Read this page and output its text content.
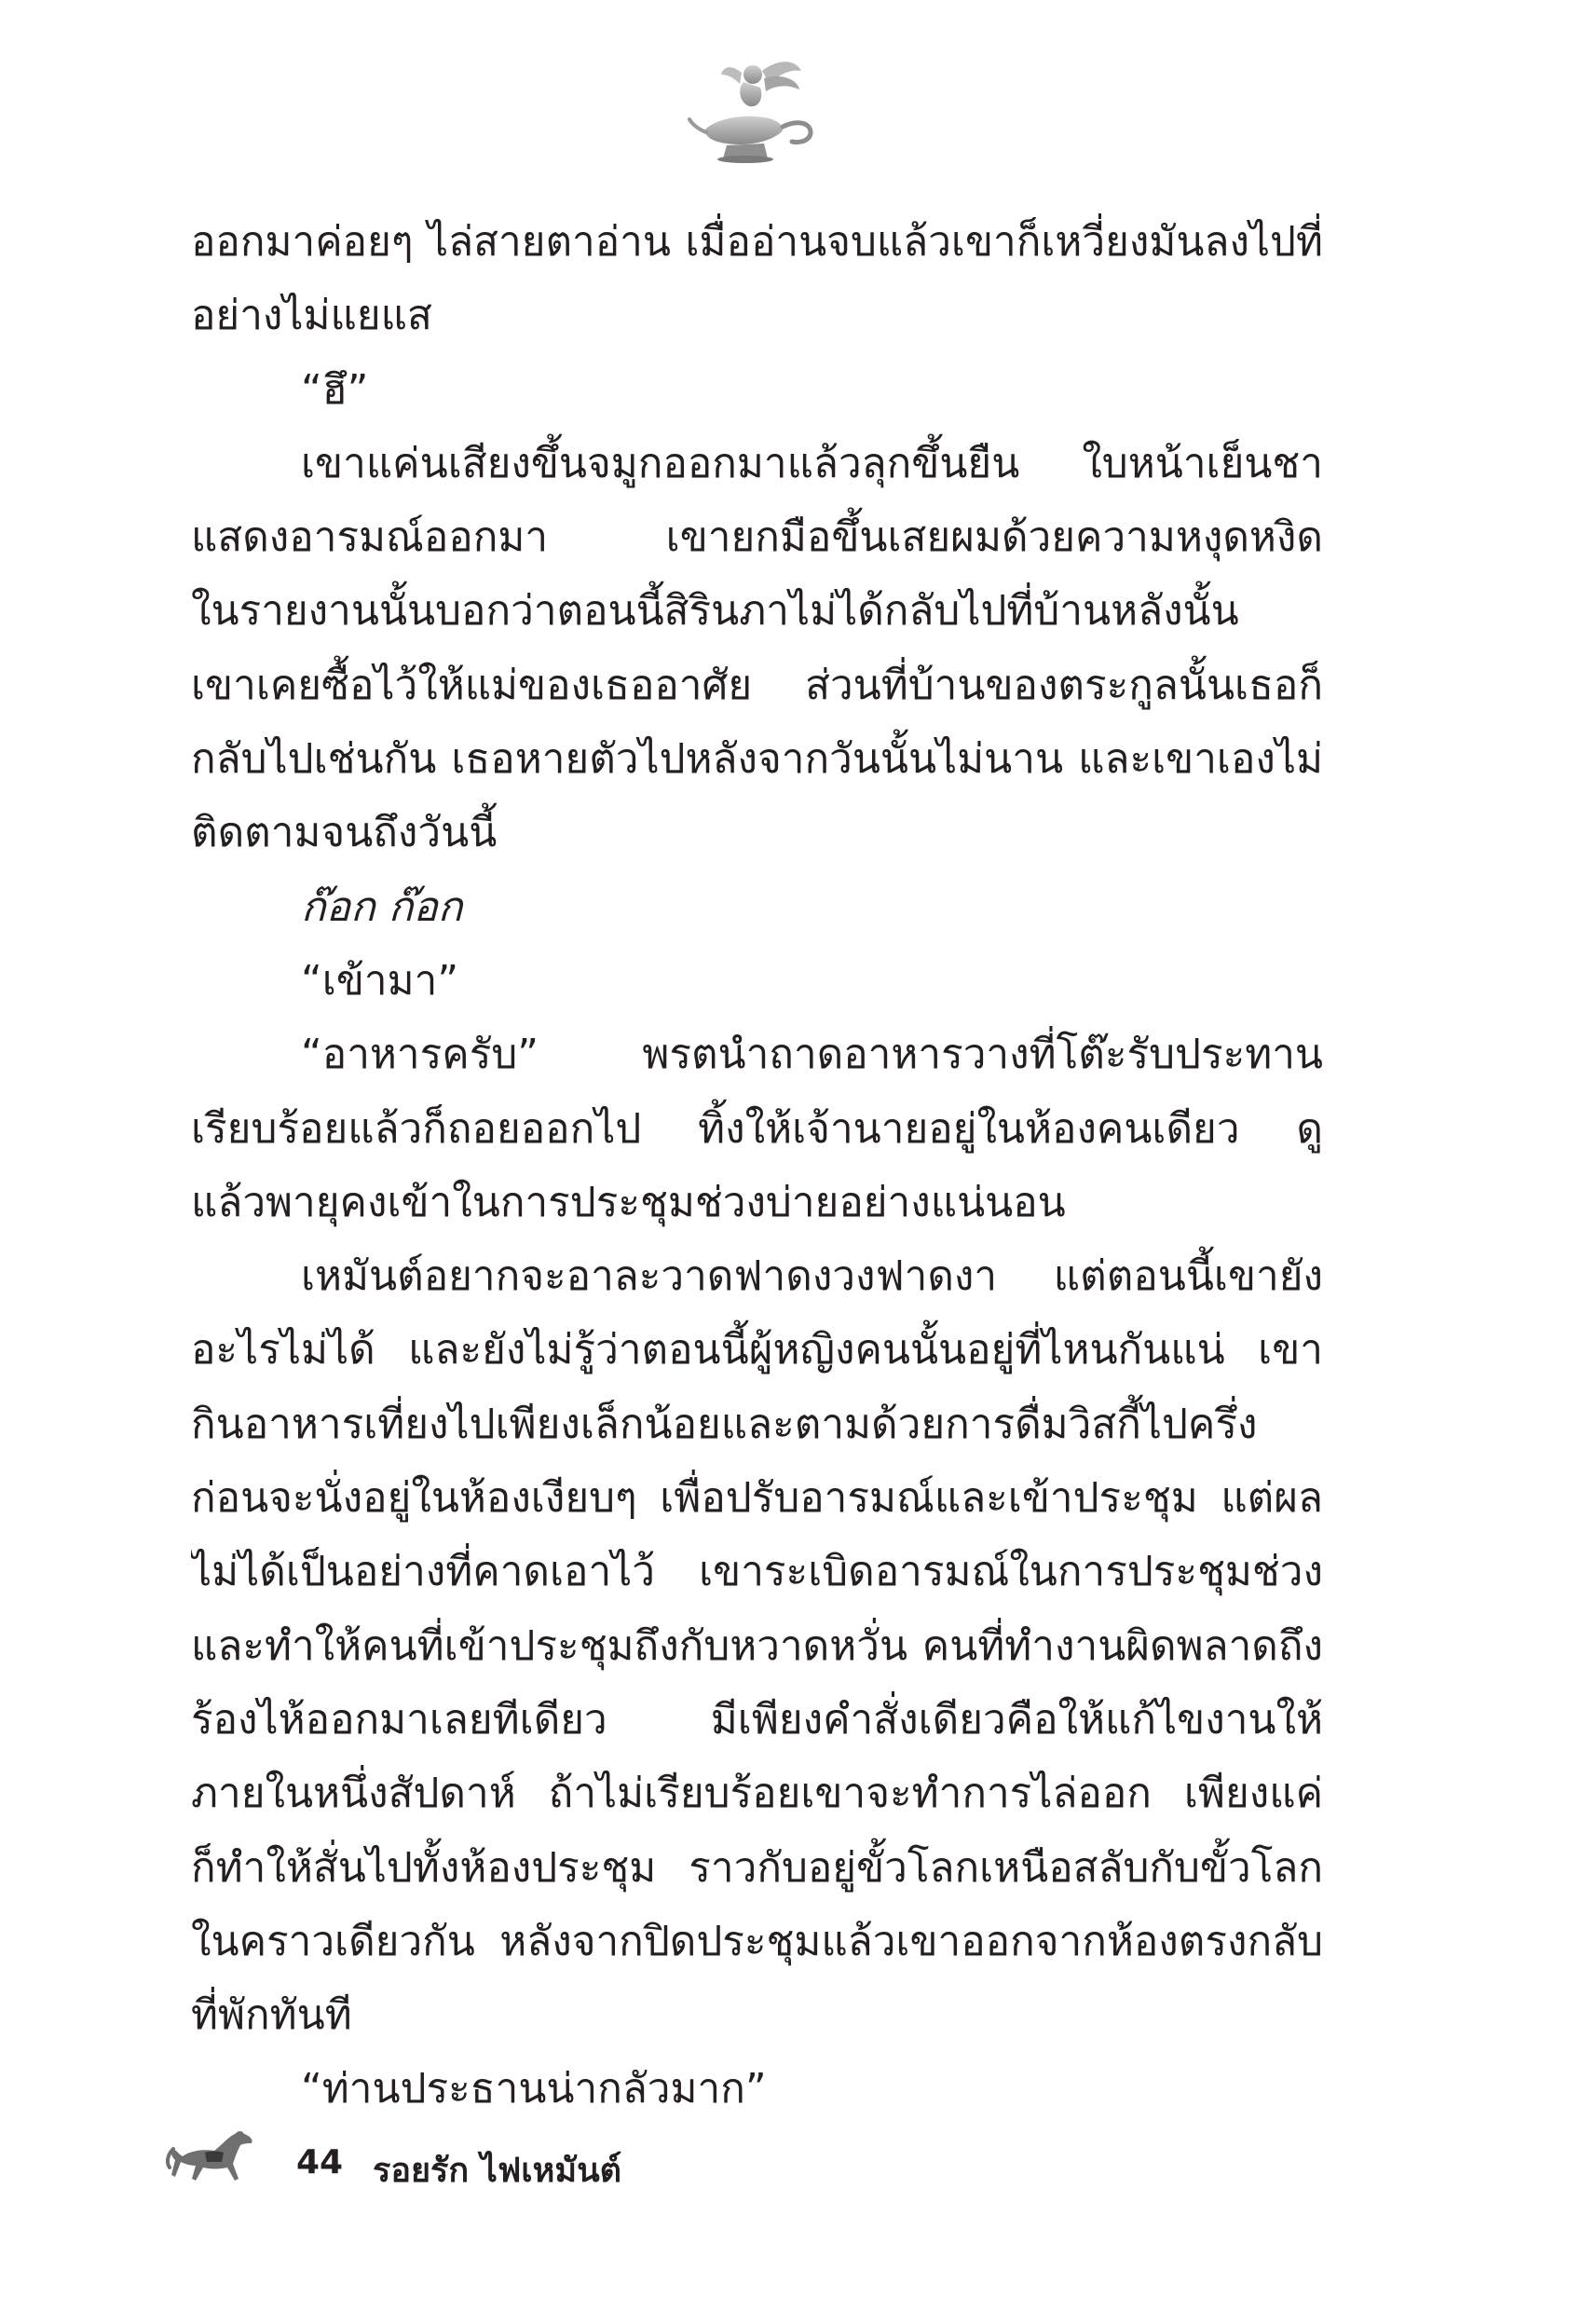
ออกมาค่อยๆ ไล่สายตาอ่าน เมื่ออ่านจบแล้วเขาก็เหวี่ยงมันลงไปที่
อย่างไม่แยแส
“ฮึ”
เขาแค่นเสียงขึ้นจมูกออกมาแล้วลุกขึ้นยืน ใบหน้าเย็นชา
แสดงอารมณ์ออกมา เขายกมือขึ้นเสยผมด้วยความหงุดหงิด
ในรายงานนั้นบอกว่าตอนนี้สิรินภาไม่ได้กลับไปที่บ้านหลังนั้น
เขาเคยซื้อไว้ให้แม่ของเธออาศัย ส่วนที่บ้านของตระกูลนั้นเธอก็
กลับไปเช่นกัน เธอหายตัวไปหลังจากวันนั้นไม่นาน และเขาเองไม่
ติดตามจนถึงวันนี้
ก๊อก ก๊อก
“เข้ามา”
“อาหารครับ” พรตนำถาดอาหารวางที่โต๊ะรับประทาน
เรียบร้อยแล้วก็ถอยออกไป ทิ้งให้เจ้านายอยู่ในห้องคนเดียว ดู
แล้วพายุคงเข้าในการประชุมช่วงบ่ายอย่างแน่นอน
เหมันต์อยากจะอาละวาดฟาดงวงฟาดงา แต่ตอนนี้เขายัง
อะไรไม่ได้ และยังไม่รู้ว่าตอนนี้ผู้หญิงคนนั้นอยู่ที่ไหนกันแน่ เขา
กินอาหารเที่ยงไปเพียงเล็กน้อยและตามด้วยการดื่มวิสกี้ไปครึ่ง
ก่อนจะนั่งอยู่ในห้องเงียบๆ เพื่อปรับอารมณ์และเข้าประชุม แต่ผล
ไม่ได้เป็นอย่างที่คาดเอาไว้ เขาระเบิดอารมณ์ในการประชุมช่วง
และทำให้คนที่เข้าประชุมถึงกับหวาดหวั่น คนที่ทำงานผิดพลาดถึง
ร้องไห้ออกมาเลยทีเดียว มีเพียงคำสั่งเดียวคือให้แก้ไขงานให้
ภายในหนึ่งสัปดาห์ ถ้าไม่เรียบร้อยเขาจะทำการไล่ออก เพียงแค่
ก็ทำให้สั่นไปทั้งห้องประชุม ราวกับอยู่ขั้วโลกเหนือสลับกับขั้วโลก
ในคราวเดียวกัน หลังจากปิดประชุมแล้วเขาออกจากห้องตรงกลับ
ที่พักทันที
“ท่านประธานน่ากลัวมาก”
44 รอยรัก ไฟเหมันต์
